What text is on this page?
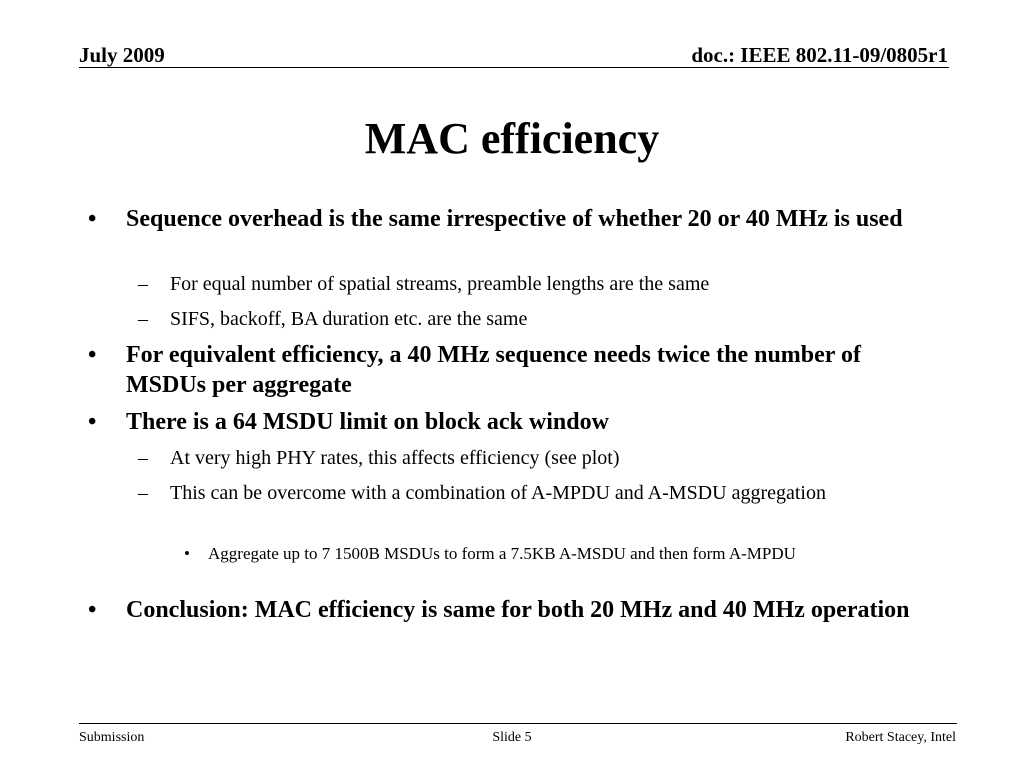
July 2009	doc.: IEEE 802.11-09/0805r1
MAC efficiency
• Sequence overhead is the same irrespective of whether 20 or 40 MHz is used
– For equal number of spatial streams, preamble lengths are the same
– SIFS, backoff, BA duration etc. are the same
• For equivalent efficiency, a 40 MHz sequence needs twice the number of MSDUs per aggregate
• There is a 64 MSDU limit on block ack window
– At very high PHY rates, this affects efficiency (see plot)
– This can be overcome with a combination of A-MPDU and A-MSDU aggregation
• Aggregate up to 7 1500B MSDUs to form a 7.5KB A-MSDU and then form A-MPDU
• Conclusion: MAC efficiency is same for both 20 MHz and 40 MHz operation
Submission	Slide 5	Robert Stacey, Intel
